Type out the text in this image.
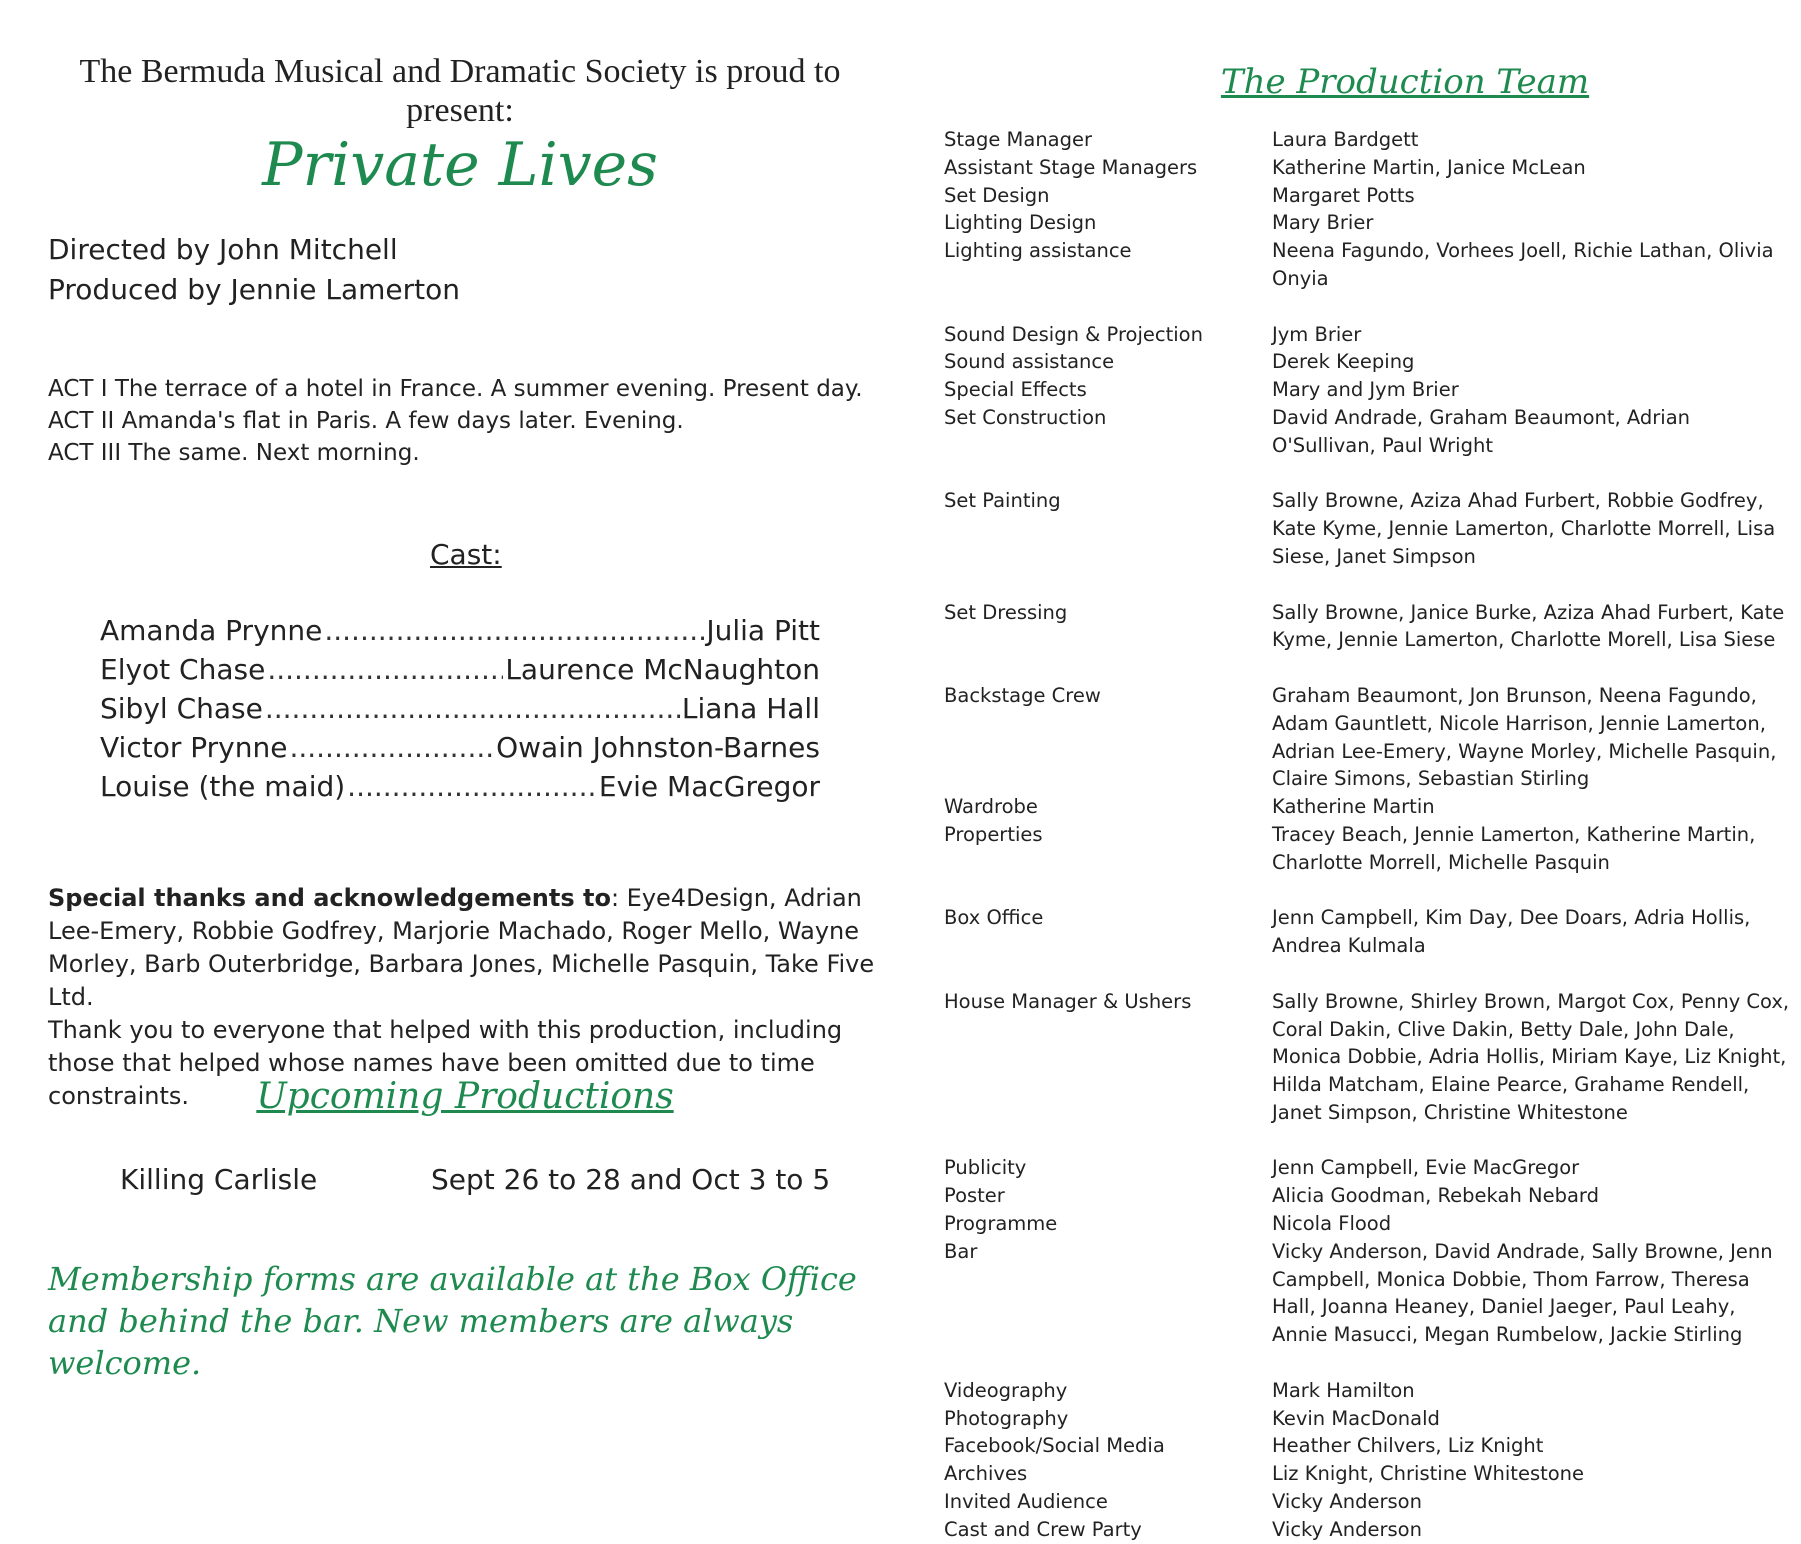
The Bermuda Musical and Dramatic Society is proud to present:
Private Lives
Directed by John Mitchell
Produced by Jennie Lamerton
ACT I The terrace of a hotel in France. A summer evening. Present day.
ACT II Amanda's flat in Paris. A few days later. Evening.
ACT III The same. Next morning.
Cast:
Amanda Prynne .....	Julia Pitt
Elyot Chase .....	Laurence McNaughton
Sibyl Chase .....	Liana Hall
Victor Prynne .....	Owain Johnston-Barnes
Louise (the maid) .....	Evie MacGregor
Special thanks and acknowledgements to: Eye4Design, Adrian Lee-Emery, Robbie Godfrey, Marjorie Machado, Roger Mello, Wayne Morley, Barb Outerbridge, Barbara Jones, Michelle Pasquin, Take Five Ltd.
Thank you to everyone that helped with this production, including those that helped whose names have been omitted due to time constraints.	Upcoming Productions
Killing Carlisle	Sept 26 to 28 and Oct 3 to 5
Membership forms are available at the Box Office and behind the bar. New members are always welcome.
The Production Team
Stage Manager	Laura Bardgett
Assistant Stage Managers	Katherine Martin, Janice McLean
Set Design	Margaret Potts
Lighting Design	Mary Brier
Lighting assistance	Neena Fagundo, Vorhees Joell, Richie Lathan, Olivia Onyia
Sound Design & Projection	Jym Brier
Sound assistance	Derek Keeping
Special Effects	Mary and Jym Brier
Set Construction	David Andrade, Graham Beaumont, Adrian O'Sullivan, Paul Wright
Set Painting	Sally Browne, Aziza Ahad Furbert, Robbie Godfrey, Kate Kyme, Jennie Lamerton, Charlotte Morrell, Lisa Siese, Janet Simpson
Set Dressing	Sally Browne, Janice Burke, Aziza Ahad Furbert, Kate Kyme, Jennie Lamerton, Charlotte Morell, Lisa Siese
Backstage Crew	Graham Beaumont, Jon Brunson, Neena Fagundo, Adam Gauntlett, Nicole Harrison, Jennie Lamerton, Adrian Lee-Emery, Wayne Morley, Michelle Pasquin, Claire Simons, Sebastian Stirling
Wardrobe	Katherine Martin
Properties	Tracey Beach, Jennie Lamerton, Katherine Martin, Charlotte Morrell, Michelle Pasquin
Box Office	Jenn Campbell, Kim Day, Dee Doars, Adria Hollis, Andrea Kulmala
House Manager & Ushers	Sally Browne, Shirley Brown, Margot Cox, Penny Cox, Coral Dakin, Clive Dakin, Betty Dale, John Dale, Monica Dobbie, Adria Hollis, Miriam Kaye, Liz Knight, Hilda Matcham, Elaine Pearce, Grahame Rendell, Janet Simpson, Christine Whitestone
Publicity	Jenn Campbell, Evie MacGregor
Poster	Alicia Goodman, Rebekah Nebard
Programme	Nicola Flood
Bar	Vicky Anderson, David Andrade, Sally Browne, Jenn Campbell, Monica Dobbie, Thom Farrow, Theresa Hall, Joanna Heaney, Daniel Jaeger, Paul Leahy, Annie Masucci, Megan Rumbelow, Jackie Stirling
Videography	Mark Hamilton
Photography	Kevin MacDonald
Facebook/Social Media	Heather Chilvers, Liz Knight
Archives	Liz Knight, Christine Whitestone
Invited Audience	Vicky Anderson
Cast and Crew Party	Vicky Anderson
